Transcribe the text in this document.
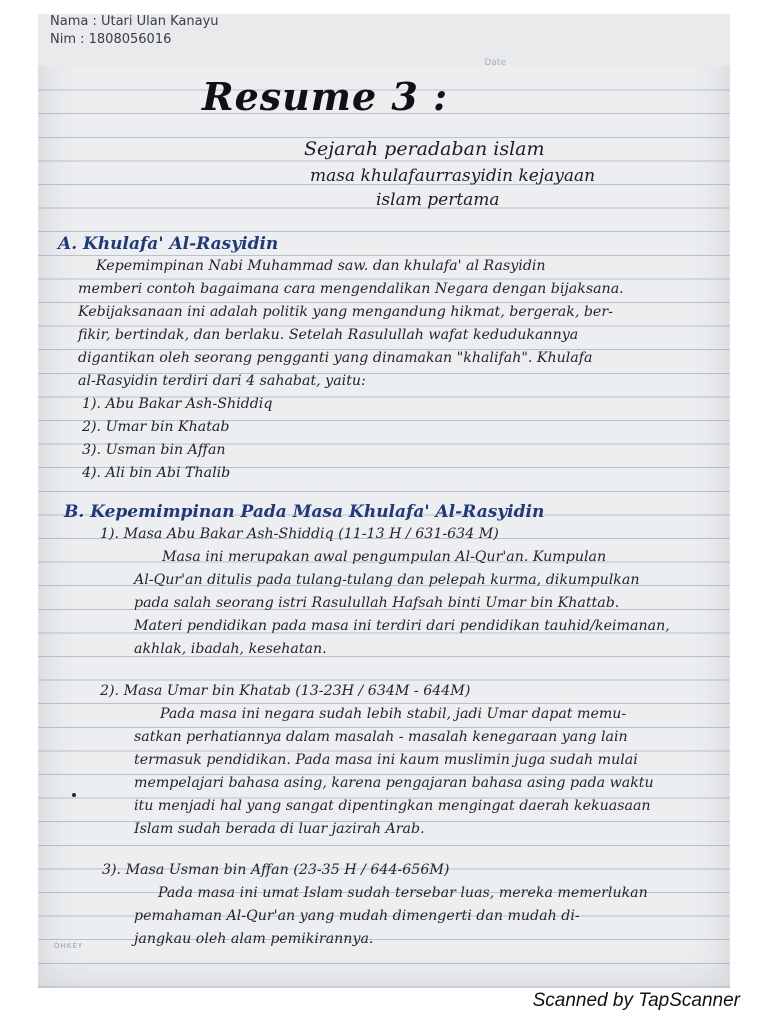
Date
Nama : Utari Ulan Kanayu
Nim : 1808056016
Resume 3 :
Sejarah peradaban islam
masa khulafaurrasyidin kejayaan
islam pertama
A. Khulafa' Al-Rasyidin
Kepemimpinan Nabi Muhammad saw. dan khulafa' al Rasyidin
memberi contoh bagaimana cara mengendalikan Negara dengan bijaksana.
Kebijaksanaan ini adalah politik yang mengandung hikmat, bergerak, ber-
fikir, bertindak, dan berlaku. Setelah Rasulullah wafat kedudukannya
digantikan oleh seorang pengganti yang dinamakan "khalifah". Khulafa
al-Rasyidin terdiri dari 4 sahabat, yaitu:
1). Abu Bakar Ash-Shiddiq
2). Umar bin Khatab
3). Usman bin Affan
4). Ali bin Abi Thalib
B. Kepemimpinan Pada Masa Khulafa' Al-Rasyidin
1). Masa Abu Bakar Ash-Shiddiq (11-13 H / 631-634 M)
Masa ini merupakan awal pengumpulan Al-Qur'an. Kumpulan
Al-Qur'an ditulis pada tulang-tulang dan pelepah kurma, dikumpulkan
pada salah seorang istri Rasulullah Hafsah binti Umar bin Khattab.
Materi pendidikan pada masa ini terdiri dari pendidikan tauhid/keimanan,
akhlak, ibadah, kesehatan.
2). Masa Umar bin Khatab (13-23H / 634M - 644M)
Pada masa ini negara sudah lebih stabil, jadi Umar dapat memu-
satkan perhatiannya dalam masalah - masalah kenegaraan yang lain
termasuk pendidikan. Pada masa ini kaum muslimin juga sudah mulai
mempelajari bahasa asing, karena pengajaran bahasa asing pada waktu
itu menjadi hal yang sangat dipentingkan mengingat daerah kekuasaan
Islam sudah berada di luar jazirah Arab.
3). Masa Usman bin Affan (23-35 H / 644-656M)
Pada masa ini umat Islam sudah tersebar luas, mereka memerlukan
pemahaman Al-Qur'an yang mudah dimengerti dan mudah di-
jangkau oleh alam pemikirannya.
OHKEY
Scanned by TapScanner
